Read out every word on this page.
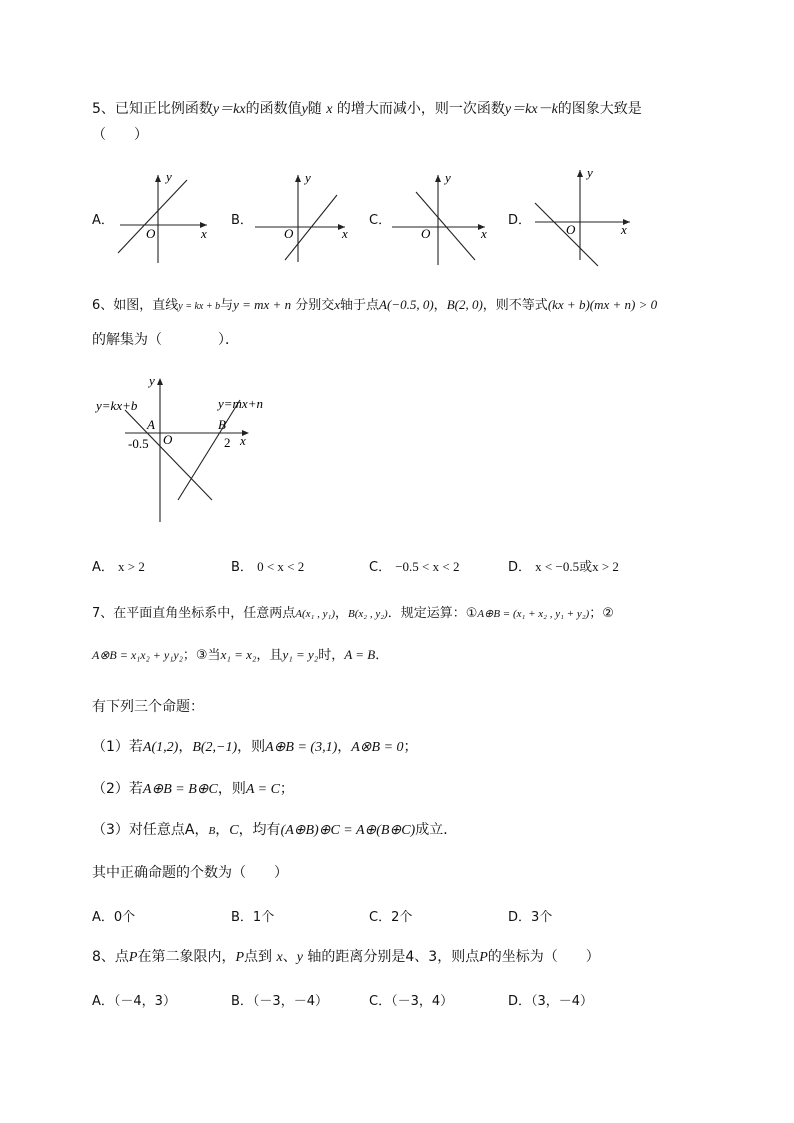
5、已知正比例函数y＝kx的函数值y随 x 的增大而减小，则一次函数y＝kx－k的图象大致是
（　　）
A．	B．	C．	D．
y
x
O
y
x
O
y
x
O
y
x
O
6、如图，直线y = kx + b与y = mx + n 分别交x轴于点A(−0.5, 0)，B(2, 0)，则不等式(kx + b)(mx + n) > 0
的解集为（　　　　）．
y
x
O
A	B
-0.5	2
y=kx+b	y=mx+n
A． x > 2	B． 0 < x < 2	C． −0.5 < x < 2	D． x < −0.5或x > 2
7、在平面直角坐标系中，任意两点A(x₁ , y₁)，B(x₂ , y₂)．规定运算：①A⊕B = (x₁ + x₂ , y₁ + y₂)；②
A⊗B = x₁x₂ + y₁y₂；③当x₁ = x₂，且y₁ = y₂时，A = B．
有下列三个命题：
（1）若A(1,2)，B(2,−1)，则A⊕B = (3,1)，A⊗B = 0；
（2）若A⊕B = B⊕C，则A = C；
（3）对任意点A，B，C，均有(A⊕B)⊕C = A⊕(B⊕C)成立．
其中正确命题的个数为（　　）
A．0个	B．1个	C．2个	D．3个
8、点P在第二象限内，P点到 x、y 轴的距离分别是4、3，则点P的坐标为（　　）
A．（－4，3）	B．（－3，－4）	C．（－3，4）	D．（3，－4）
